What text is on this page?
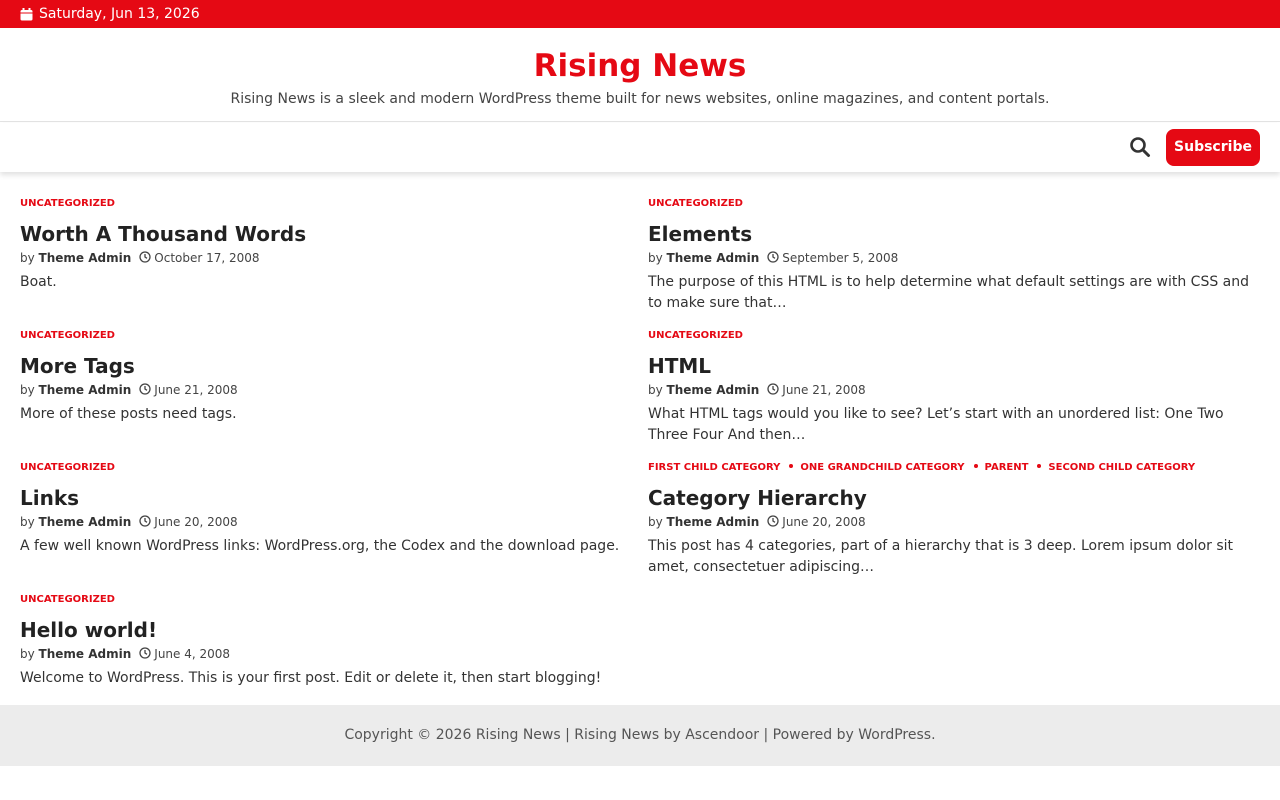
Saturday, Jun 13, 2026
Rising News
Rising News is a sleek and modern WordPress theme built for news websites, online magazines, and content portals.
Subscribe
UNCATEGORIZED
Worth A Thousand Words
by Theme Admin October 17, 2008
Boat.
UNCATEGORIZED
Elements
by Theme Admin September 5, 2008
The purpose of this HTML is to help determine what default settings are with CSS and to make sure that…
UNCATEGORIZED
More Tags
by Theme Admin June 21, 2008
More of these posts need tags.
UNCATEGORIZED
HTML
by Theme Admin June 21, 2008
What HTML tags would you like to see? Let’s start with an unordered list: One Two Three Four And then…
UNCATEGORIZED
Links
by Theme Admin June 20, 2008
A few well known WordPress links: WordPress.org, the Codex and the download page.
FIRST CHILD CATEGORY ONE GRANDCHILD CATEGORY PARENT SECOND CHILD CATEGORY
Category Hierarchy
by Theme Admin June 20, 2008
This post has 4 categories, part of a hierarchy that is 3 deep. Lorem ipsum dolor sit amet, consectetuer adipiscing…
UNCATEGORIZED
Hello world!
by Theme Admin June 4, 2008
Welcome to WordPress. This is your first post. Edit or delete it, then start blogging!
Copyright © 2026 Rising News | Rising News by Ascendoor | Powered by WordPress.
